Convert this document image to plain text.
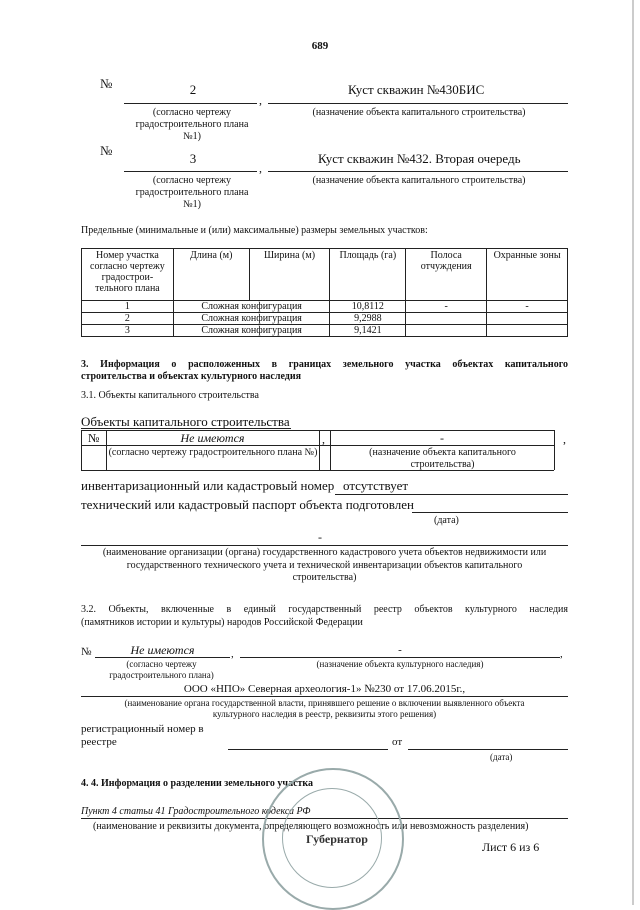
689
№	2
,
Куст скважин №430БИС
(согласно чертежу градостроительного плана №1)
(назначение объекта капитального строительства)
№
3
,
Куст скважин №432. Вторая очередь
(согласно чертежу градостроительного плана №1)
(назначение объекта капитального строительства)
Предельные (минимальные и (или) максимальные) размеры земельных участков:
Номер участка согласно чертежу градострои-тельного плана	Длина (м)	Ширина (м)	Площадь (га)	Полоса отчуждения	Охранные зоны
1	Сложная конфигурация		10,8112	-	-
2	Сложная конфигурация		9,2988		
3	Сложная конфигурация		9,1421		
3. Информация о расположенных в границах земельного участка объектах капитального
строительства и объектах культурного наследия
3.1. Объекты капитального строительства
Объекты капитального строительства
№	Не имеются	,	-	,
(согласно чертежу градостроительного плана №)	(назначение объекта капитального строительства)
инвентаризационный или кадастровый номер отсутствует
технический или кадастровый паспорт объекта подготовлен
(дата)
-
(наименование организации (органа) государственного кадастрового учета объектов недвижимости или
государственного технического учета и технической инвентаризации объектов капитального
строительства)
3.2. Объекты, включенные в единый государственный реестр объектов культурного наследия
(памятников истории и культуры) народов Российской Федерации
№	Не имеются	,	-	,
(согласно чертежу градостроительного плана)
(назначение объекта культурного наследия)
ООО «НПО» Северная археология-1» №230 от 17.06.2015г.,
(наименование органа государственной власти, принявшего решение о включении выявленного объекта
культурного наследия в реестр, реквизиты этого решения)
регистрационный номер в
реестре	от
(дата)
4. 4. Информация о разделении земельного участка
Пункт 4 статьи 41 Градостроительного кодекса РФ
(наименование и реквизиты документа, определяющего возможность или невозможность разделения)
Губернатор
Лист 6 из 6
